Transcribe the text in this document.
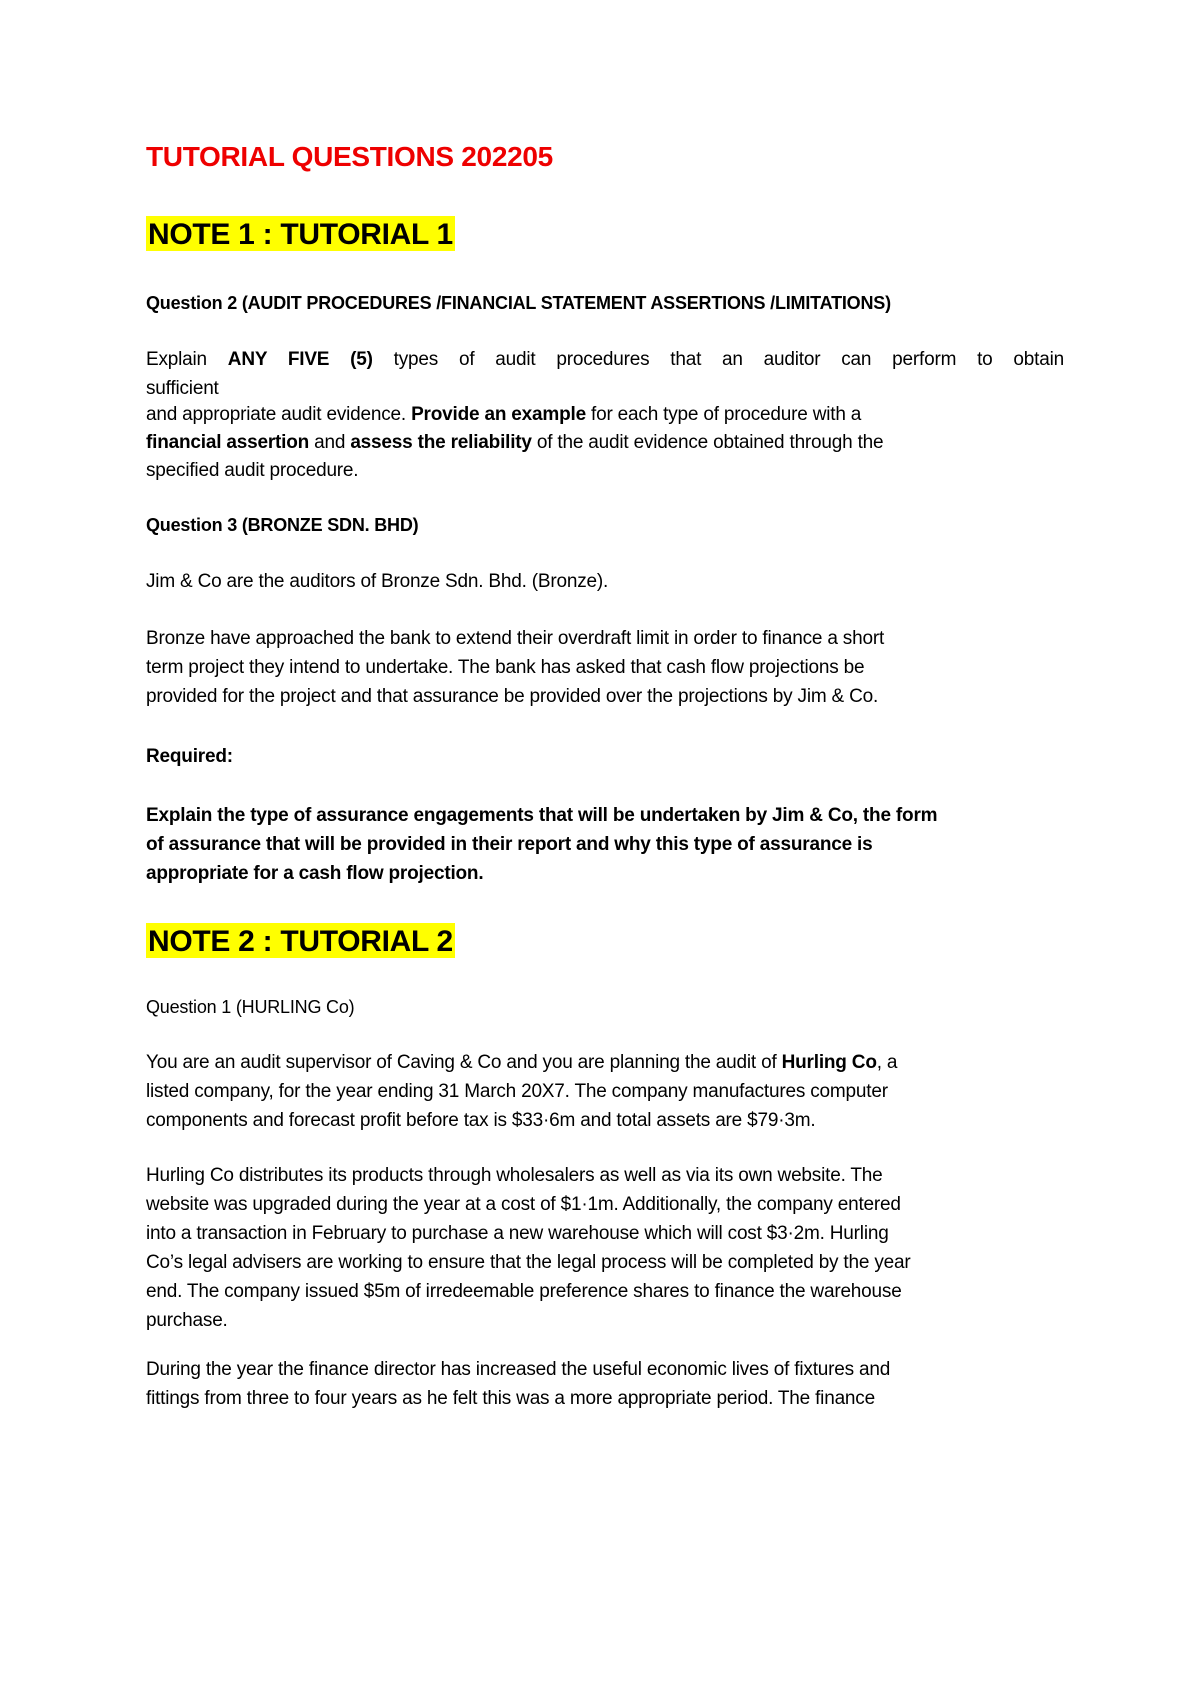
TUTORIAL QUESTIONS 202205
NOTE 1 : TUTORIAL 1
Question 2 (AUDIT PROCEDURES /FINANCIAL STATEMENT ASSERTIONS /LIMITATIONS)
Explain ANY FIVE (5) types of audit procedures that an auditor can perform to obtain
sufficient
and appropriate audit evidence. Provide an example for each type of procedure with a
financial assertion and assess the reliability of the audit evidence obtained through the
specified audit procedure.
Question 3 (BRONZE SDN. BHD)
Jim & Co are the auditors of Bronze Sdn. Bhd. (Bronze).
Bronze have approached the bank to extend their overdraft limit in order to finance a short
term project they intend to undertake. The bank has asked that cash flow projections be
provided for the project and that assurance be provided over the projections by Jim & Co.
Required:
Explain the type of assurance engagements that will be undertaken by Jim & Co, the form
of assurance that will be provided in their report and why this type of assurance is
appropriate for a cash flow projection.
NOTE 2 : TUTORIAL 2
Question 1 (HURLING Co)
You are an audit supervisor of Caving & Co and you are planning the audit of Hurling Co, a
listed company, for the year ending 31 March 20X7. The company manufactures computer
components and forecast profit before tax is $33·6m and total assets are $79·3m.
Hurling Co distributes its products through wholesalers as well as via its own website. The
website was upgraded during the year at a cost of $1·1m. Additionally, the company entered
into a transaction in February to purchase a new warehouse which will cost $3·2m. Hurling
Co’s legal advisers are working to ensure that the legal process will be completed by the year
end. The company issued $5m of irredeemable preference shares to finance the warehouse
purchase.
During the year the finance director has increased the useful economic lives of fixtures and
fittings from three to four years as he felt this was a more appropriate period. The finance
